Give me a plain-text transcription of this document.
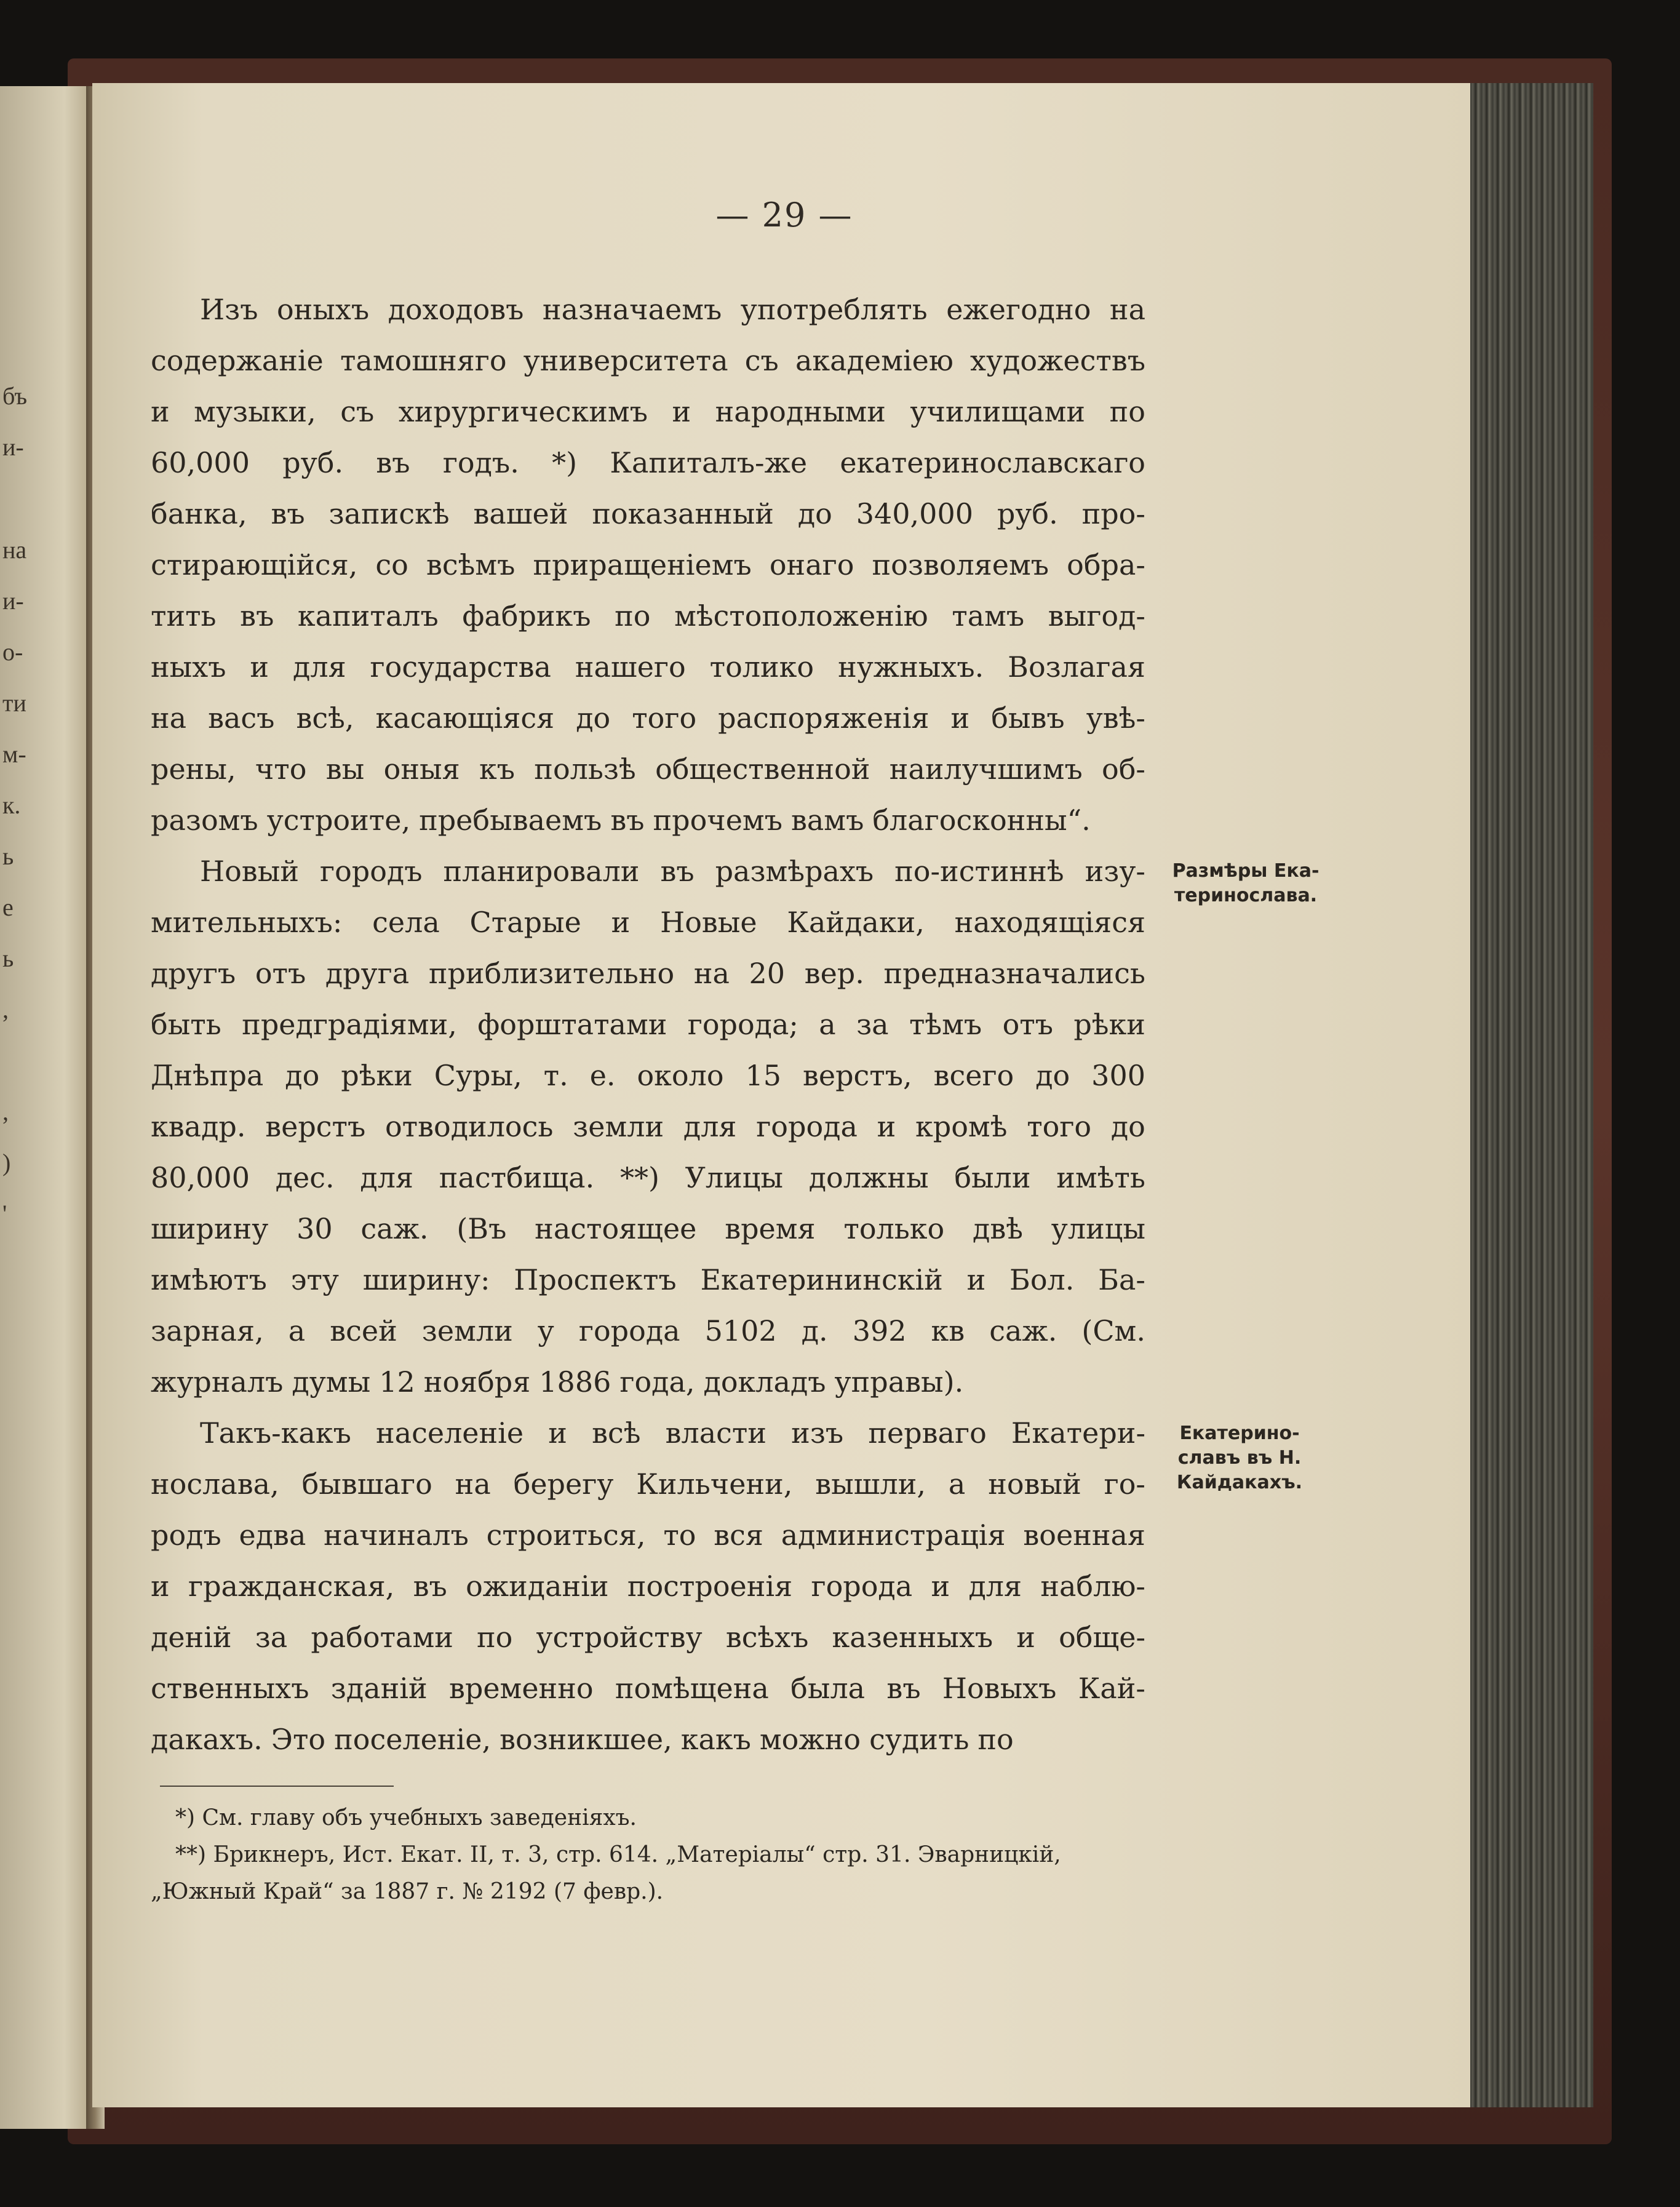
бъ
и-
на
и-
о-
ти
м-
к.
ь
е
ь
,
,
)
'
— 29 —
Изъ оныхъ доходовъ назначаемъ употреблять ежегодно на
содержаніе тамошняго университета съ академіею художествъ
и музыки, съ хирургическимъ и народными училищами по
60,000 руб. въ годъ. *) Капиталъ-же екатеринославскаго
банка, въ запискѣ вашей показанный до 340,000 руб. про-
стирающійся, со всѣмъ приращеніемъ онаго позволяемъ обра-
тить въ капиталъ фабрикъ по мѣстоположенію тамъ выгод-
ныхъ и для государства нашего толико нужныхъ. Возлагая
на васъ всѣ, касающіяся до того распоряженія и бывъ увѣ-
рены, что вы оныя къ пользѣ общественной наилучшимъ об-
разомъ устроите, пребываемъ въ прочемъ вамъ благосконны“.
Новый городъ планировали въ размѣрахъ по-истиннѣ изу-
мительныхъ: села Старые и Новые Кайдаки, находящіяся
другъ отъ друга приблизительно на 20 вер. предназначались
быть предградіями, форштатами города; а за тѣмъ отъ рѣки
Днѣпра до рѣки Суры, т. е. около 15 верстъ, всего до 300
квадр. верстъ отводилось земли для города и кромѣ того до
80,000 дес. для пастбища. **) Улицы должны были имѣть
ширину 30 саж. (Въ настоящее время только двѣ улицы
имѣютъ эту ширину: Проспектъ Екатерининскій и Бол. Ба-
зарная, а всей земли у города 5102 д. 392 кв саж. (См.
журналъ думы 12 ноября 1886 года, докладъ управы).
Такъ-какъ населеніе и всѣ власти изъ перваго Екатери-
нослава, бывшаго на берегу Кильчени, вышли, а новый го-
родъ едва начиналъ строиться, то вся администрація военная
и гражданская, въ ожиданіи построенія города и для наблю-
деній за работами по устройству всѣхъ казенныхъ и обще-
ственныхъ зданій временно помѣщена была въ Новыхъ Кай-
дакахъ. Это поселеніе, возникшее, какъ можно судить по
Размѣры Ека-
теринослава.
Екатерино-
славъ въ Н.
Кайдакахъ.
*) См. главу объ учебныхъ заведеніяхъ.
**) Брикнеръ, Ист. Екат. II, т. 3, стр. 614. „Матеріалы“ стр. 31. Эварницкій,
„Южный Край“ за 1887 г. № 2192 (7 февр.).
